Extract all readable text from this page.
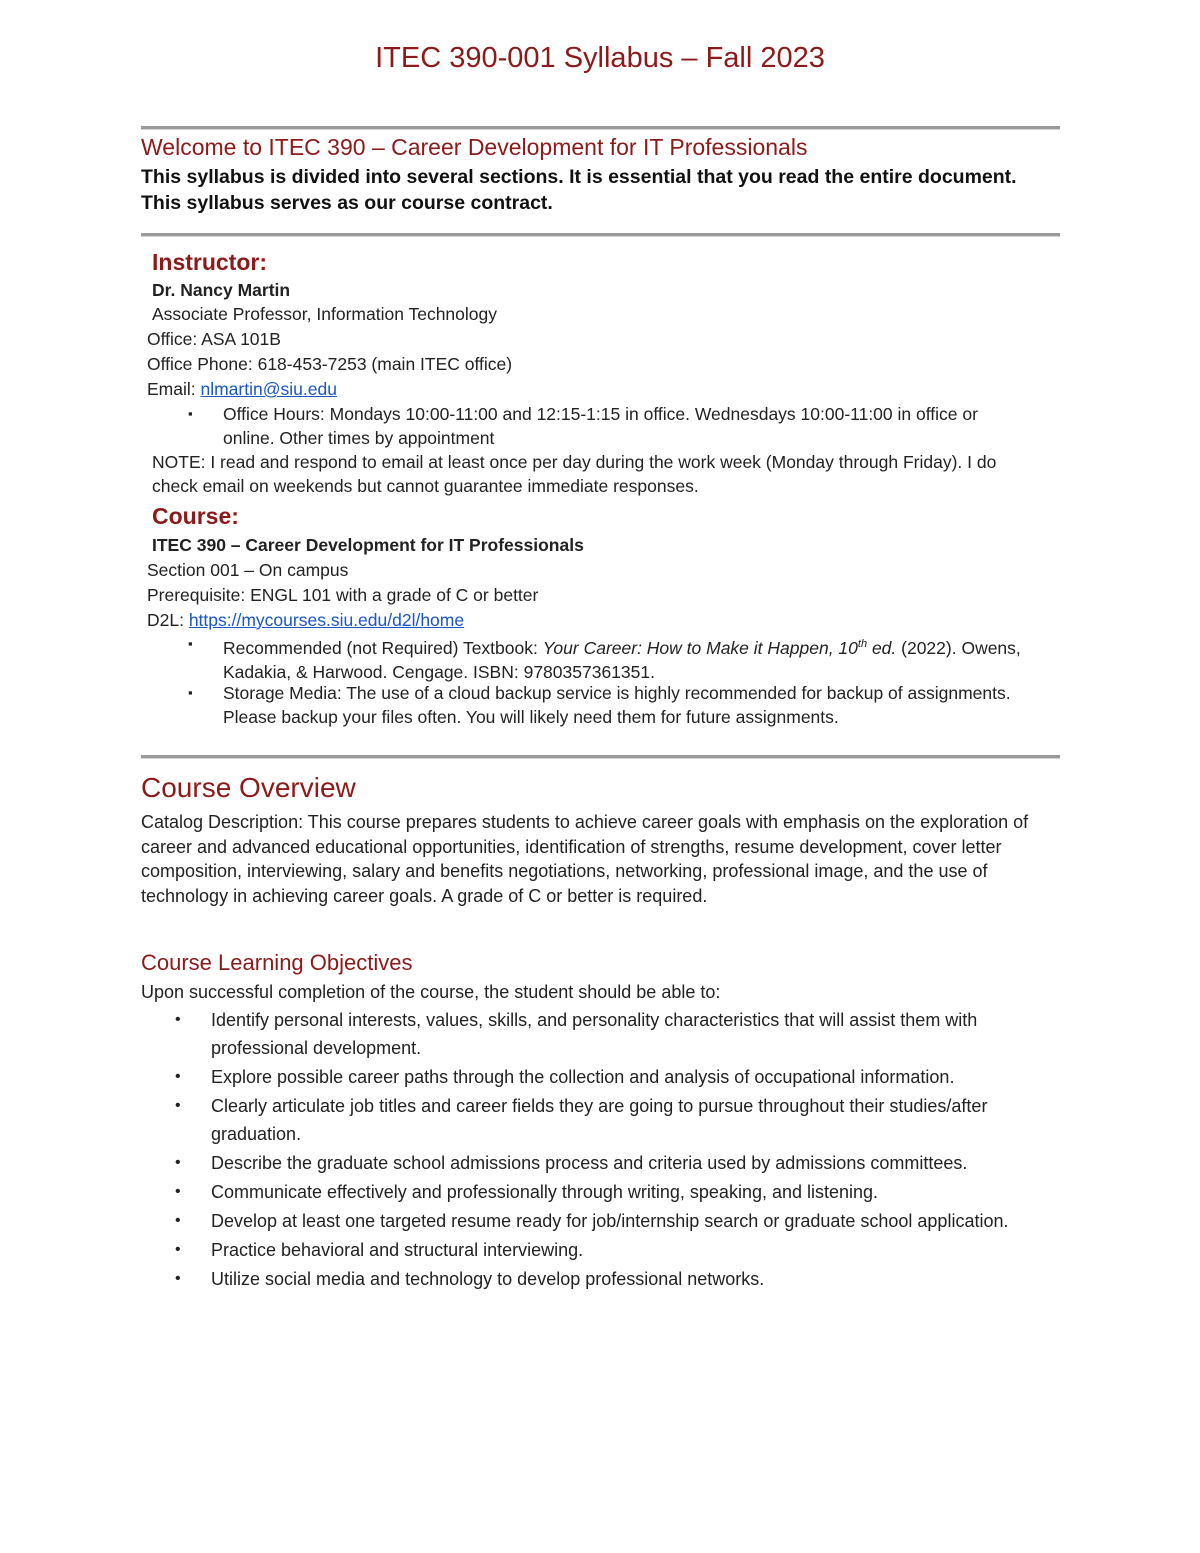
ITEC 390-001 Syllabus – Fall 2023
Welcome to ITEC 390 – Career Development for IT Professionals
This syllabus is divided into several sections. It is essential that you read the entire document. This syllabus serves as our course contract.
Instructor:
Dr. Nancy Martin
Associate Professor, Information Technology
Office: ASA 101B
Office Phone: 618-453-7253 (main ITEC office)
Email: nlmartin@siu.edu
▪ Office Hours: Mondays 10:00-11:00 and 12:15-1:15 in office. Wednesdays 10:00-11:00 in office or online. Other times by appointment
NOTE: I read and respond to email at least once per day during the work week (Monday through Friday). I do check email on weekends but cannot guarantee immediate responses.
Course:
ITEC 390 – Career Development for IT Professionals
Section 001 – On campus
Prerequisite: ENGL 101 with a grade of C or better
D2L: https://mycourses.siu.edu/d2l/home
▪ Recommended (not Required) Textbook: Your Career: How to Make it Happen, 10th ed. (2022). Owens, Kadakia, & Harwood. Cengage. ISBN: 9780357361351.
▪ Storage Media: The use of a cloud backup service is highly recommended for backup of assignments. Please backup your files often. You will likely need them for future assignments.
Course Overview
Catalog Description: This course prepares students to achieve career goals with emphasis on the exploration of career and advanced educational opportunities, identification of strengths, resume development, cover letter composition, interviewing, salary and benefits negotiations, networking, professional image, and the use of technology in achieving career goals. A grade of C or better is required.
Course Learning Objectives
Upon successful completion of the course, the student should be able to:
• Identify personal interests, values, skills, and personality characteristics that will assist them with professional development.
• Explore possible career paths through the collection and analysis of occupational information.
• Clearly articulate job titles and career fields they are going to pursue throughout their studies/after graduation.
• Describe the graduate school admissions process and criteria used by admissions committees.
• Communicate effectively and professionally through writing, speaking, and listening.
• Develop at least one targeted resume ready for job/internship search or graduate school application.
• Practice behavioral and structural interviewing.
• Utilize social media and technology to develop professional networks.
